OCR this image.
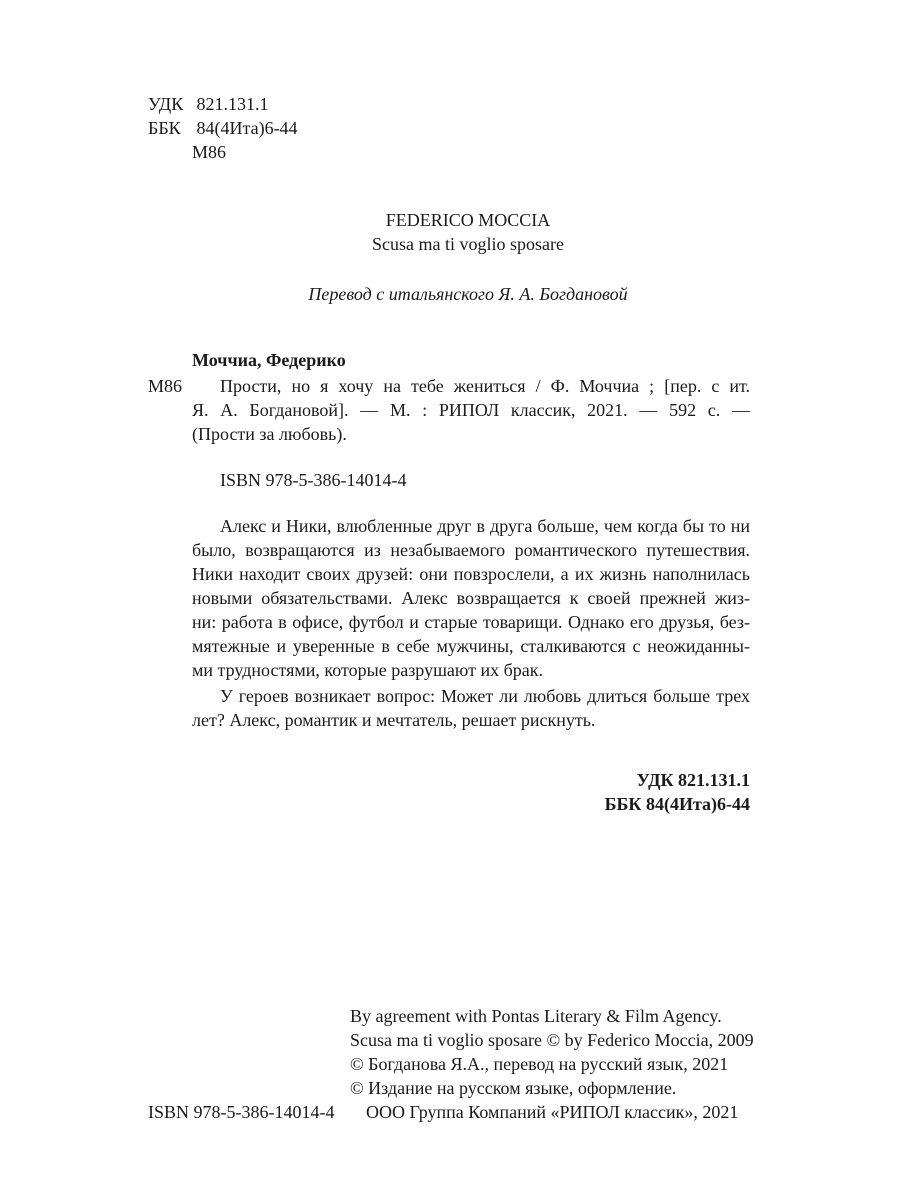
УДК 821.131.1
ББК 84(4Ита)6-44
М86
FEDERICO MOCCIA
Scusa ma ti voglio sposare
Перевод с итальянского Я. А. Богдановой
Моччиа, Федерико
М86 Прости, но я хочу на тебе жениться / Ф. Моччиа ; [пер. с ит.
Я. А. Богдановой]. — М. : РИПОЛ классик, 2021. — 592 с. —
(Прости за любовь).
ISBN 978-5-386-14014-4
Алекс и Ники, влюбленные друг в друга больше, чем когда бы то ни
было, возвращаются из незабываемого романтического путешествия.
Ники находит своих друзей: они повзрослели, а их жизнь наполнилась
новыми обязательствами. Алекс возвращается к своей прежней жиз-
ни: работа в офисе, футбол и старые товарищи. Однако его друзья, без-
мятежные и уверенные в себе мужчины, сталкиваются с неожиданны-
ми трудностями, которые разрушают их брак.
У героев возникает вопрос: Может ли любовь длиться больше трех
лет? Алекс, романтик и мечтатель, решает рискнуть.
УДК 821.131.1
ББК 84(4Ита)6-44
By agreement with Pontas Literary & Film Agency.
Scusa ma ti voglio sposare © by Federico Moccia, 2009
© Богданова Я.А., перевод на русский язык, 2021
© Издание на русском языке, оформление.
ООО Группа Компаний «РИПОЛ классик», 2021
ISBN 978-5-386-14014-4
